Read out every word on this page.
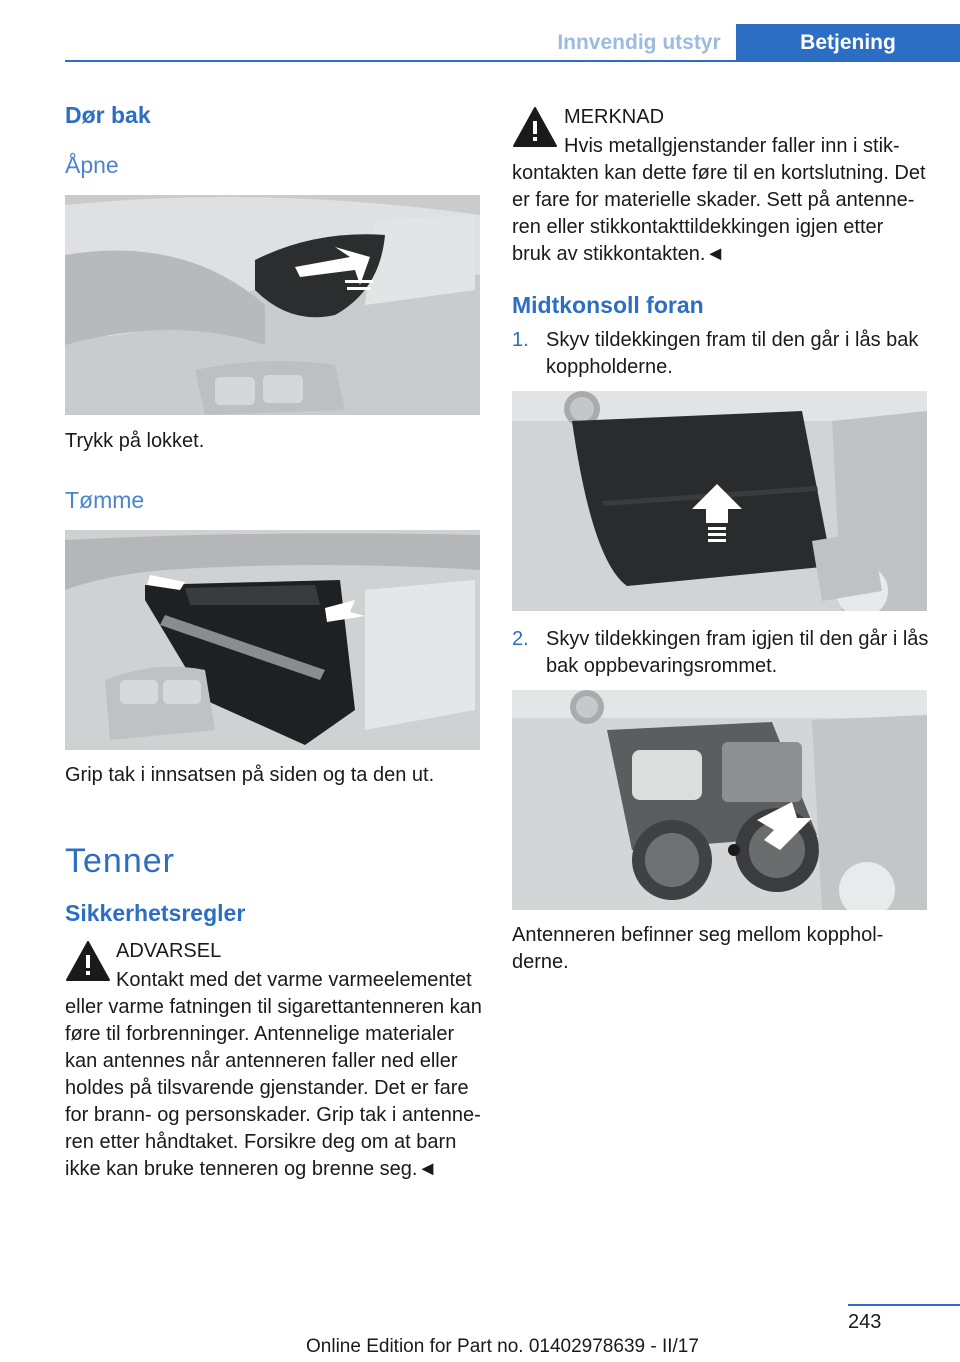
Innvendig utstyr	Betjening
Dør bak
Åpne
Trykk på lokket.
Tømme
Grip tak i innsatsen på siden og ta den ut.
Tenner
Sikkerhetsregler
ADVARSEL
Kontakt med det varme varmeelementet
eller varme fatningen til sigarettantenneren kan
føre til forbrenninger. Antennelige materialer
kan antennes når antenneren faller ned eller
holdes på tilsvarende gjenstander. Det er fare
for brann- og personskader. Grip tak i antenne-
ren etter håndtaket. Forsikre deg om at barn
ikke kan bruke tenneren og brenne seg.◄
MERKNAD
Hvis metallgjenstander faller inn i stik-
kontakten kan dette føre til en kortslutning. Det
er fare for materielle skader. Sett på antenne-
ren eller stikkontakttildekkingen igjen etter
bruk av stikkontakten.◄
Midtkonsoll foran
1. Skyv tildekkingen fram til den går i lås bak
koppholderne.
2. Skyv tildekkingen fram igjen til den går i lås
bak oppbevaringsrommet.
Antenneren befinner seg mellom kopphol-
derne.
243
Online Edition for Part no. 01402978639 - II/17
